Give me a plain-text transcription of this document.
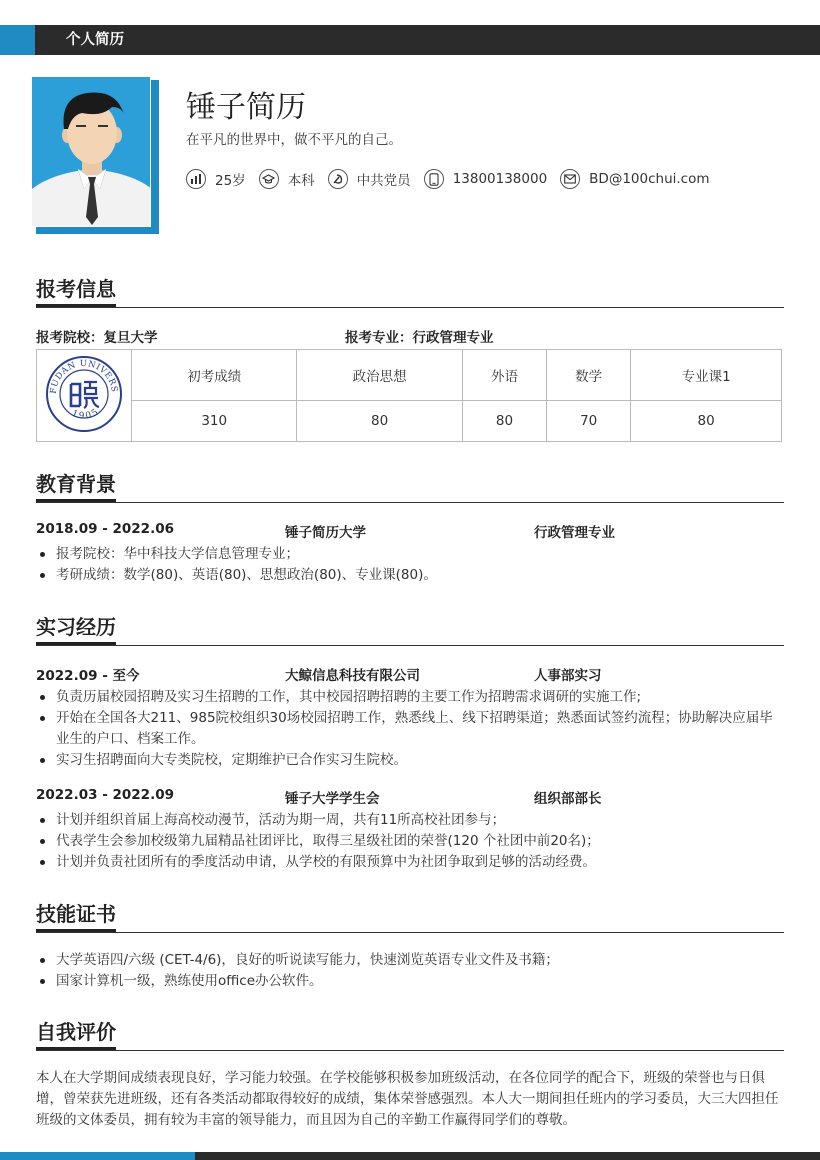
个人简历
锤子简历
在平凡的世界中，做不平凡的自己。
25岁	本科	中共党员	13800138000	BD@100chui.com
报考信息
报考院校：复旦大学	报考专业：行政管理专业
FUDAN UNIVERS
1905	初考成绩	政治思想	外语	数学	专业课1
	310	80	80	70	80
教育背景
2018.09 - 2022.06	锤子简历大学	行政管理专业
报考院校：华中科技大学信息管理专业；
考研成绩：数学(80)、英语(80)、思想政治(80)、专业课(80)。
实习经历
2022.09 - 至今	大鲸信息科技有限公司	人事部实习
负责历届校园招聘及实习生招聘的工作，其中校园招聘招聘的主要工作为招聘需求调研的实施工作;
开始在全国各大211、985院校组织30场校园招聘工作，熟悉线上、线下招聘渠道；熟悉面试签约流程；协助解决应届毕业生的户口、档案工作。
实习生招聘面向大专类院校，定期维护已合作实习生院校。
2022.03 - 2022.09	锤子大学学生会	组织部部长
计划并组织首届上海高校动漫节，活动为期一周，共有11所高校社团参与；
代表学生会参加校级第九届精品社团评比，取得三星级社团的荣誉(120 个社团中前20名)；
计划并负责社团所有的季度活动申请，从学校的有限预算中为社团争取到足够的活动经费。
技能证书
大学英语四/六级 (CET-4/6)，良好的听说读写能力，快速浏览英语专业文件及书籍；
国家计算机一级，熟练使用office办公软件。
自我评价
本人在大学期间成绩表现良好，学习能力较强。在学校能够积极参加班级活动，在各位同学的配合下，班级的荣誉也与日俱增，曾荣获先进班级，还有各类活动都取得较好的成绩，集体荣誉感强烈。本人大一期间担任班内的学习委员，大三大四担任班级的文体委员，拥有较为丰富的领导能力，而且因为自己的辛勤工作赢得同学们的尊敬。
